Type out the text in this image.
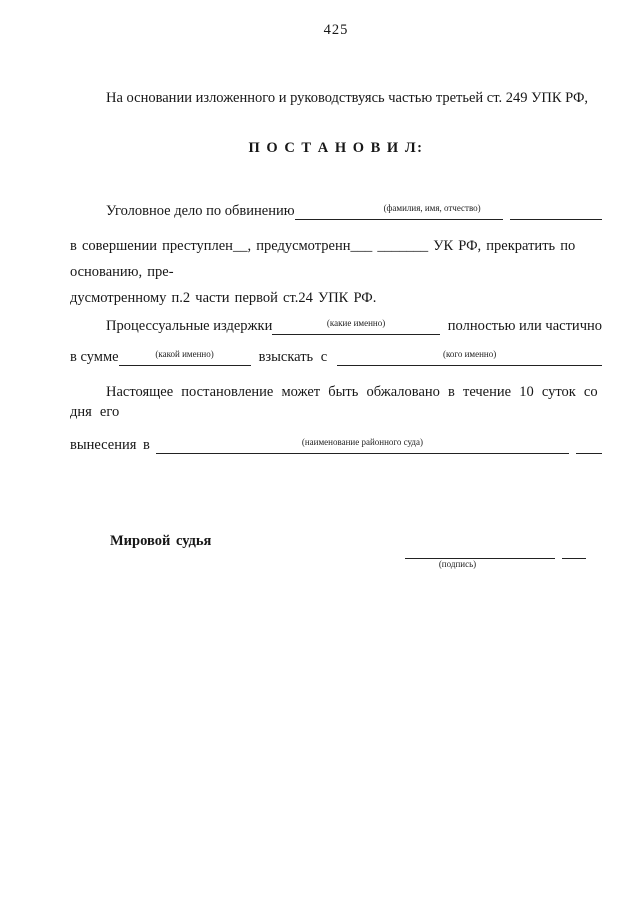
425

На основании изложенного и руководствуясь частью третьей ст. 249 УПК РФ,

П О С Т А Н О В И Л:
Уголовное дело по обвинению	(фамилия, имя, отчество)

в совершении преступлен__, предусмотренн___ _______ УК РФ, прекратить по основанию, пре-

дусмотренному п.2 части первой ст.24 УПК РФ.

Процессуальные издержки	(какие именно)	полностью или частично
в сумме	(какой именно)	взыскать с	(кого именно)

Настоящее постановление может быть обжаловано в течение 10 суток со дня его

вынесения в	(наименование районного суда)

Мировой судья

(подпись)
